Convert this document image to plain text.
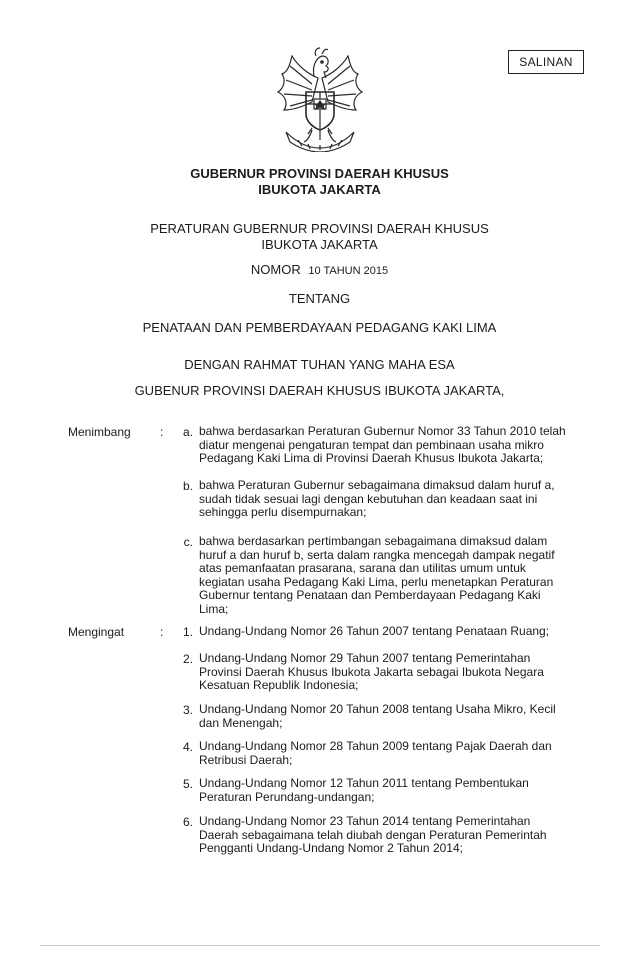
SALINAN
GUBERNUR PROVINSI DAERAH KHUSUS
IBUKOTA JAKARTA
PERATURAN GUBERNUR PROVINSI DAERAH KHUSUS
IBUKOTA JAKARTA
NOMOR 10 TAHUN 2015
TENTANG
PENATAAN DAN PEMBERDAYAAN PEDAGANG KAKI LIMA
DENGAN RAHMAT TUHAN YANG MAHA ESA
GUBENUR PROVINSI DAERAH KHUSUS IBUKOTA JAKARTA,
Menimbang :	a. bahwa berdasarkan Peraturan Gubernur Nomor 33 Tahun 2010 telah
diatur mengenai pengaturan tempat dan pembinaan usaha mikro
Pedagang Kaki Lima di Provinsi Daerah Khusus Ibukota Jakarta;
b. bahwa Peraturan Gubernur sebagaimana dimaksud dalam huruf a,
sudah tidak sesuai lagi dengan kebutuhan dan keadaan saat ini
sehingga perlu disempurnakan;
c. bahwa berdasarkan pertimbangan sebagaimana dimaksud dalam
huruf a dan huruf b, serta dalam rangka mencegah dampak negatif
atas pemanfaatan prasarana, sarana dan utilitas umum untuk
kegiatan usaha Pedagang Kaki Lima, perlu menetapkan Peraturan
Gubernur tentang Penataan dan Pemberdayaan Pedagang Kaki
Lima;
Mengingat	:	1. Undang-Undang Nomor 26 Tahun 2007 tentang Penataan Ruang;
2. Undang-Undang Nomor 29 Tahun 2007 tentang Pemerintahan
Provinsi Daerah Khusus Ibukota Jakarta sebagai Ibukota Negara
Kesatuan Republik Indonesia;
3. Undang-Undang Nomor 20 Tahun 2008 tentang Usaha Mikro, Kecil
dan Menengah;
4. Undang-Undang Nomor 28 Tahun 2009 tentang Pajak Daerah dan
Retribusi Daerah;
5. Undang-Undang Nomor 12 Tahun 2011 tentang Pembentukan
Peraturan Perundang-undangan;
6. Undang-Undang Nomor 23 Tahun 2014 tentang Pemerintahan
Daerah sebagaimana telah diubah dengan Peraturan Pemerintah
Pengganti Undang-Undang Nomor 2 Tahun 2014;
